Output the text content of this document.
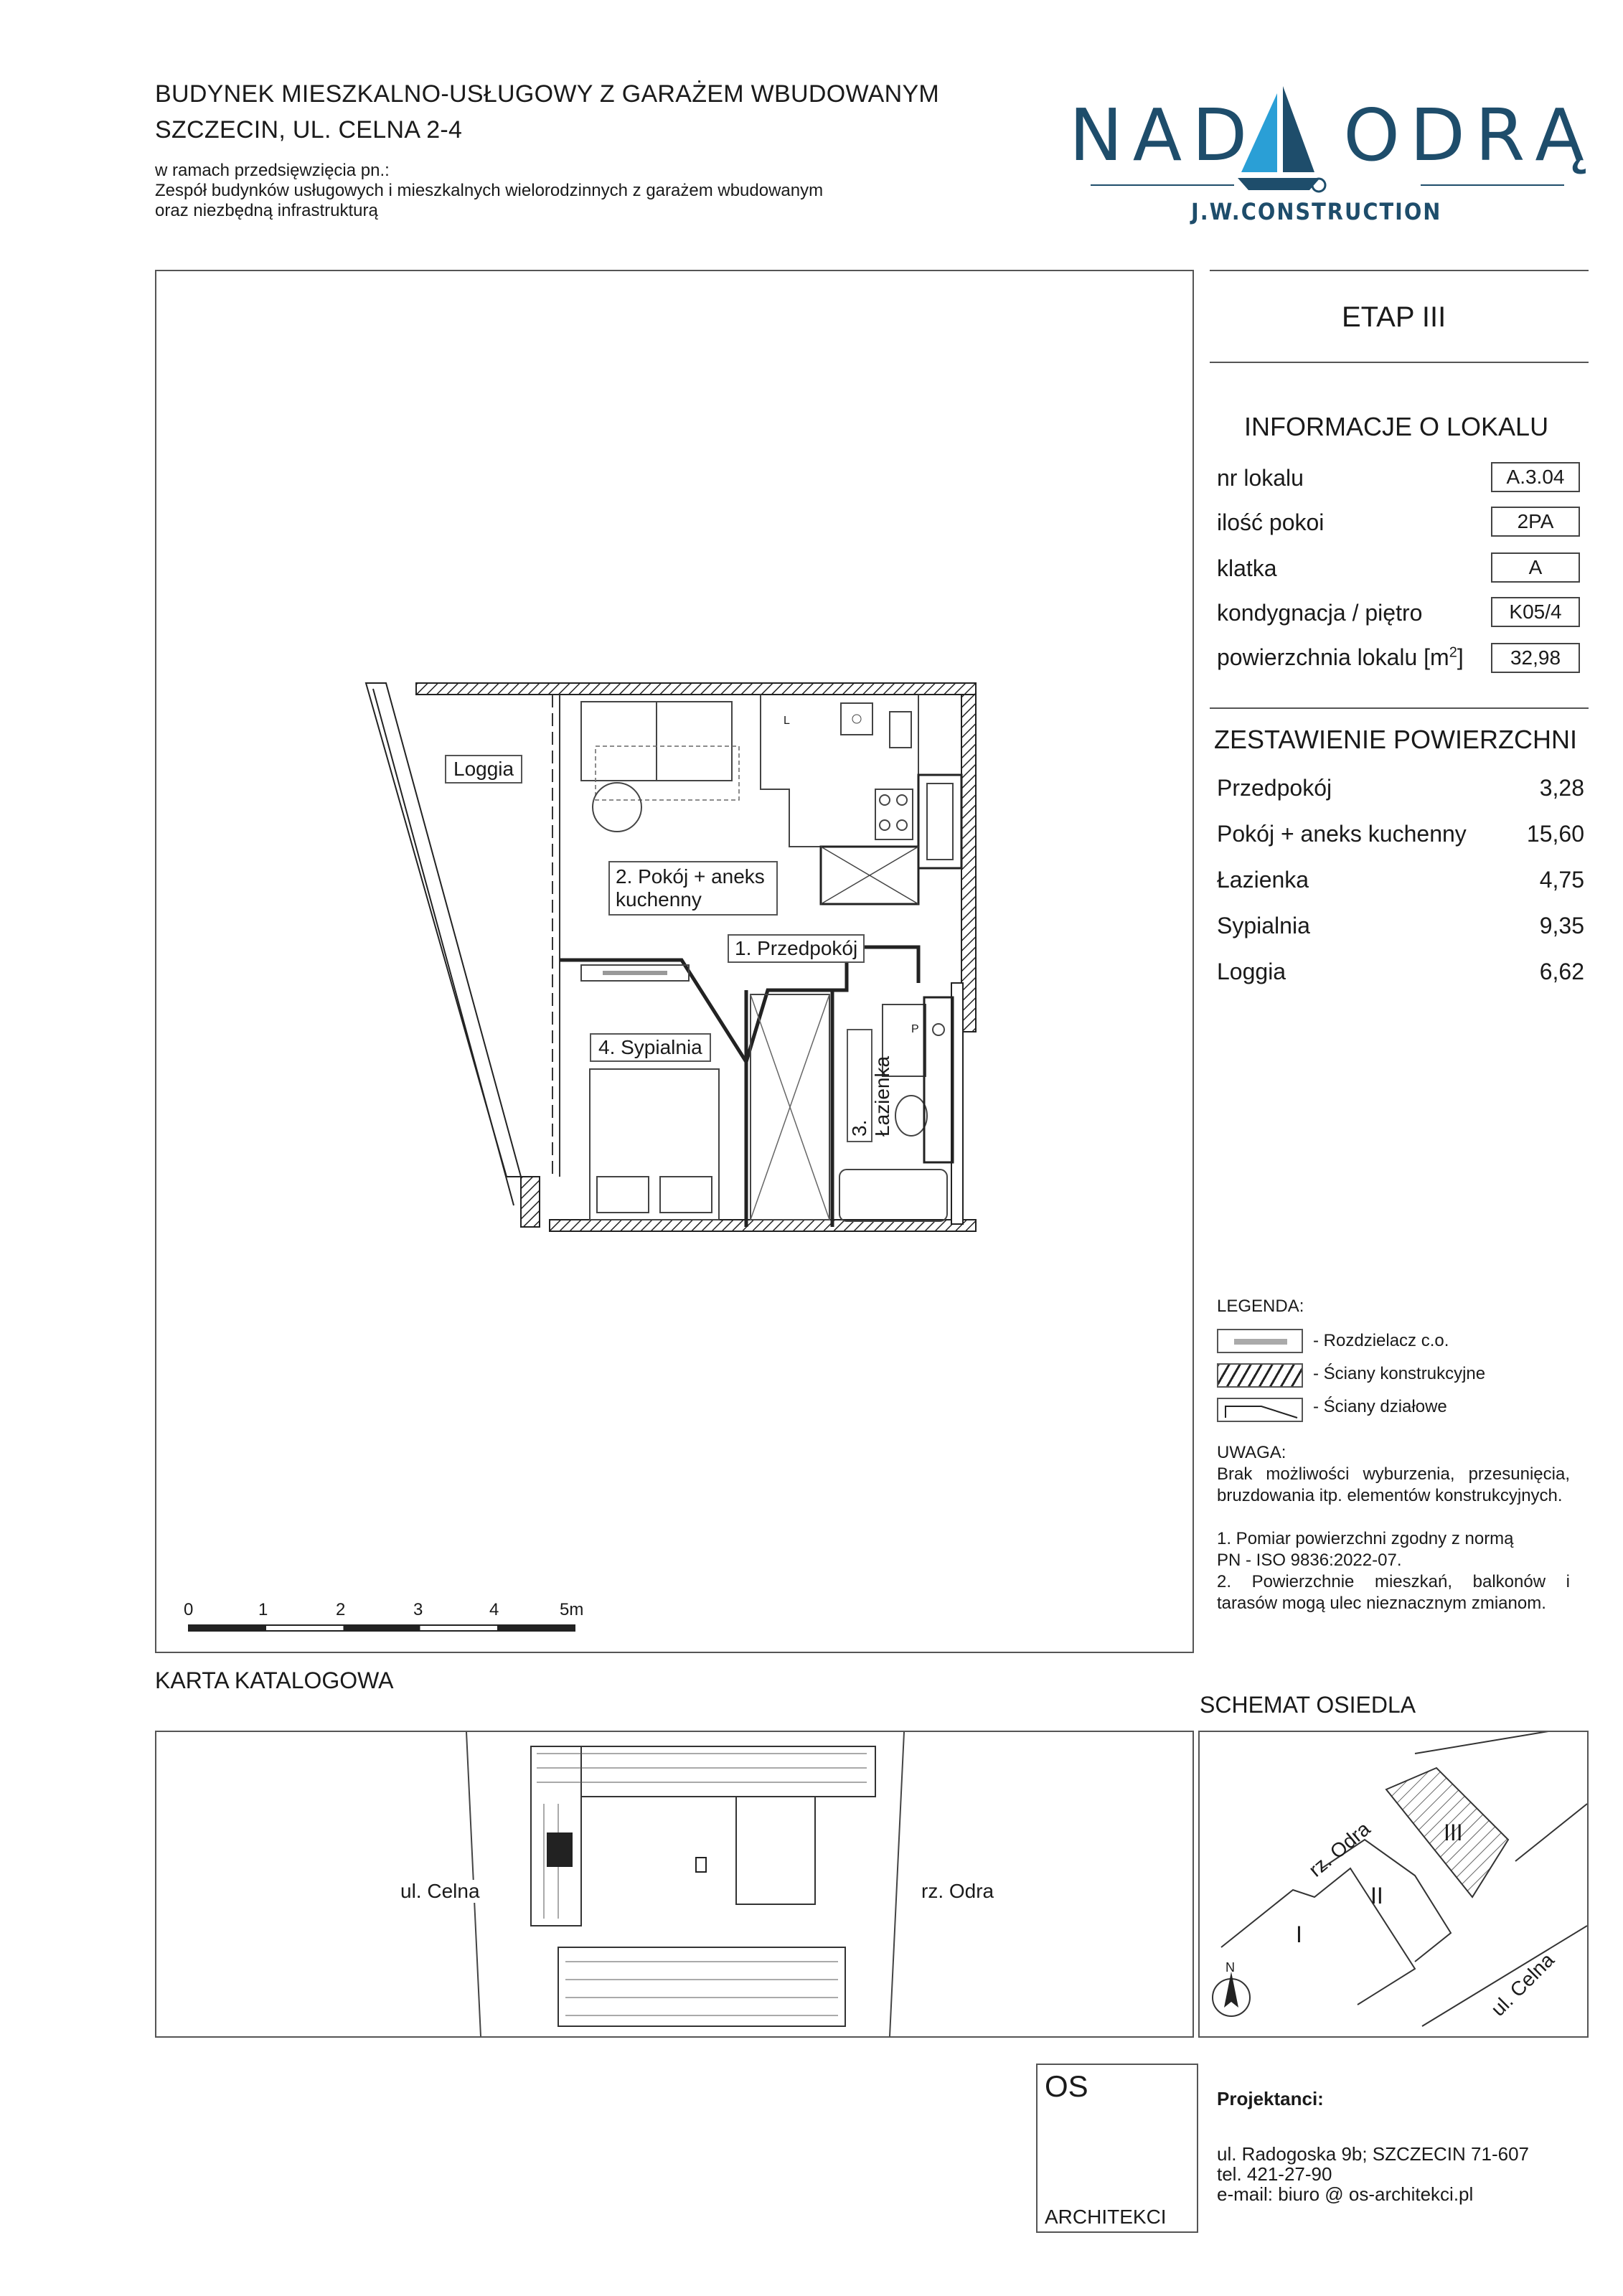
BUDYNEK MIESZKALNO-USŁUGOWY Z GARAŻEM WBUDOWANYM
SZCZECIN, UL. CELNA 2-4
w ramach przedsięwzięcia pn.:
Zespół budynków usługowych i mieszkalnych wielorodzinnych z garażem wbudowanym
oraz niezbędną infrastrukturą
NAD ODRĄ
J.W.CONSTRUCTION
Loggia
2. Pokój + aneks
kuchenny
1. Przedpokój
4. Sypialnia
3. Łazienka
L
P
0	1	2	3	4	5m
ETAP III
INFORMACJE O LOKALU
nr lokalu	A.3.04
ilość pokoi	2PA
klatka	A
kondygnacja / piętro	K05/4
powierzchnia lokalu $[m^2]$	32,98
ZESTAWIENIE POWIERZCHNI
Przedpokój	3,28
Pokój + aneks kuchenny	15,60
Łazienka	4,75
Sypialnia	9,35
Loggia	6,62
LEGENDA:
- Rozdzielacz c.o.
- Ściany konstrukcyjne
- Ściany działowe
UWAGA:
Brak możliwości wyburzenia, przesunięcia, bruzdowania itp. elementów konstrukcyjnych.
1. Pomiar powierzchni zgodny z normą
PN - ISO 9836:2022-07.
2. Powierzchnie mieszkań, balkonów i tarasów mogą ulec nieznacznym zmianom.
KARTA KATALOGOWA
SCHEMAT OSIEDLA
ul. Celna	rz. Odra
rz. Odra
ul. Celna
I
II
III
N
OS
ARCHITEKCI
Projektanci:
ul. Radogoska 9b; SZCZECIN 71-607
tel. 421-27-90
e-mail: biuro @ os-architekci.pl
